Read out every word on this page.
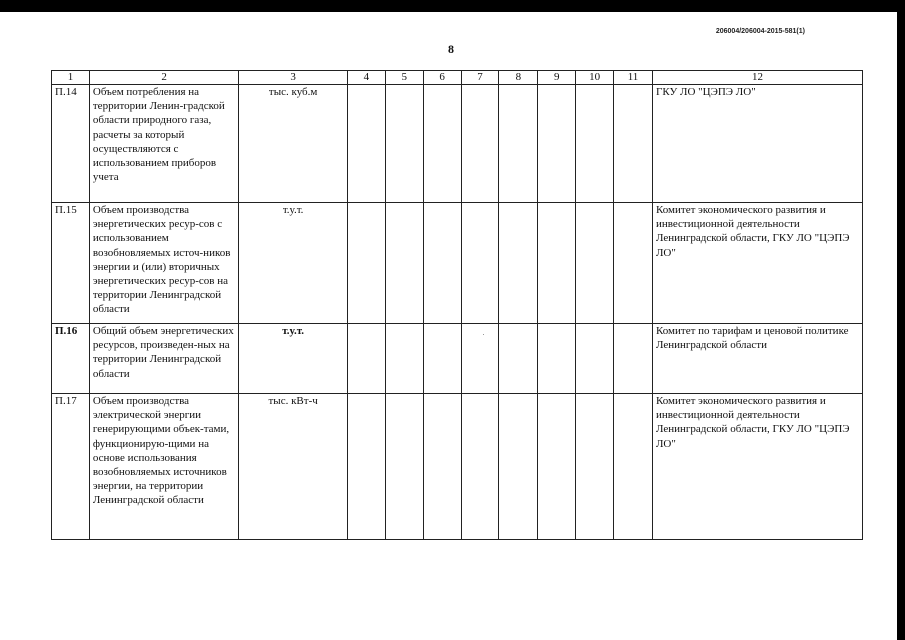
206004/206004-2015-581(1)
8
1	2	3	4	5	6	7	8	9	10	11	12
П.14	Объем потребления на территории Ленин-градской области природного газа, расчеты за который осуществляются с использованием приборов учета	тыс. куб.м									ГКУ ЛО "ЦЭПЭ ЛО"
П.15	Объем производства энергетических ресур-сов с использованием возобновляемых источ-ников энергии и (или) вторичных энергетических ресур-сов на территории Ленинградской области	т.у.т.									Комитет экономического развития и инвестиционной деятельности Ленинградской области, ГКУ ЛО "ЦЭПЭ ЛО"
П.16	Общий объем энергетических ресурсов, произведен-ных на территории Ленинградской области	т.у.т.									Комитет по тарифам и ценовой политике Ленинградской области
П.17	Объем производства электрической энергии генерирующими объек-тами, функционирую-щими на основе использования возобновляемых источников энергии, на территории Ленинградской области	тыс. кВт-ч									Комитет экономического развития и инвестиционной деятельности Ленинградской области, ГКУ ЛО "ЦЭПЭ ЛО"
